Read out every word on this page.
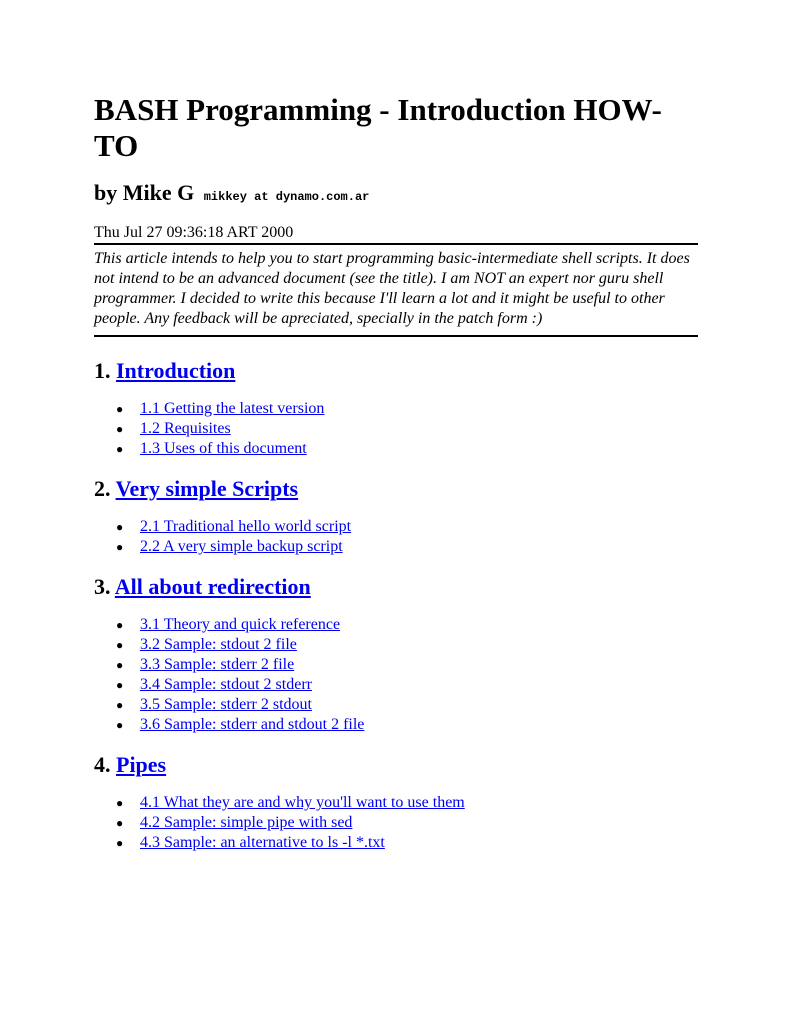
BASH Programming - Introduction HOW-TO
by Mike G mikkey at dynamo.com.ar
Thu Jul 27 09:36:18 ART 2000

This article intends to help you to start programming basic-intermediate shell scripts. It does not intend to be an advanced document (see the title). I am NOT an expert nor guru shell programmer. I decided to write this because I'll learn a lot and it might be useful to other people. Any feedback will be apreciated, specially in the patch form :)

1. Introduction
● 1.1 Getting the latest version
● 1.2 Requisites
● 1.3 Uses of this document
2. Very simple Scripts
● 2.1 Traditional hello world script
● 2.2 A very simple backup script
3. All about redirection
● 3.1 Theory and quick reference
● 3.2 Sample: stdout 2 file
● 3.3 Sample: stderr 2 file
● 3.4 Sample: stdout 2 stderr
● 3.5 Sample: stderr 2 stdout
● 3.6 Sample: stderr and stdout 2 file
4. Pipes
● 4.1 What they are and why you'll want to use them
● 4.2 Sample: simple pipe with sed
● 4.3 Sample: an alternative to ls -l *.txt
